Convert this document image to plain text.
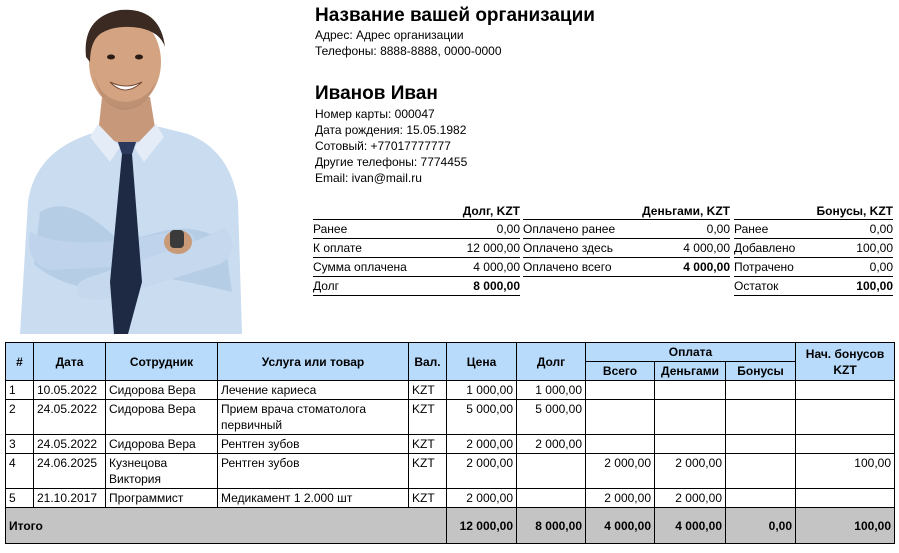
Название вашей организации
Адрес: Адрес организации
Телефоны: 8888-8888, 0000-0000
Иванов Иван
Номер карты: 000047
Дата рождения: 15.05.1982
Сотовый: +77017777777
Другие телефоны: 7774455
Email: ivan@mail.ru
Долг, KZT
Ранее	0,00
К оплате	12 000,00
Сумма оплачена	4 000,00
Долг	8 000,00
Деньгами, KZT
Оплачено ранее	0,00
Оплачено здесь	4 000,00
Оплачено всего	4 000,00
Бонусы, KZT
Ранее	0,00
Добавлено	100,00
Потрачено	0,00
Остаток	100,00
#	Дата	Сотрудник	Услуга или товар	Вал.	Цена	Долг	Оплата			Нач. бонусов KZT
							Всего	Деньгами	Бонусы	
1	10.05.2022	Сидорова Вера	Лечение кариеса	KZT	1 000,00	1 000,00				
2	24.05.2022	Сидорова Вера	Прием врача стоматолога первичный	KZT	5 000,00	5 000,00				
3	24.05.2022	Сидорова Вера	Рентген зубов	KZT	2 000,00	2 000,00				
4	24.06.2025	Кузнецова Виктория	Рентген зубов	KZT	2 000,00		2 000,00	2 000,00		100,00
5	21.10.2017	Программист	Медикамент 1 2.000 шт	KZT	2 000,00		2 000,00	2 000,00		
Итого					12 000,00	8 000,00	4 000,00	4 000,00	0,00	100,00
